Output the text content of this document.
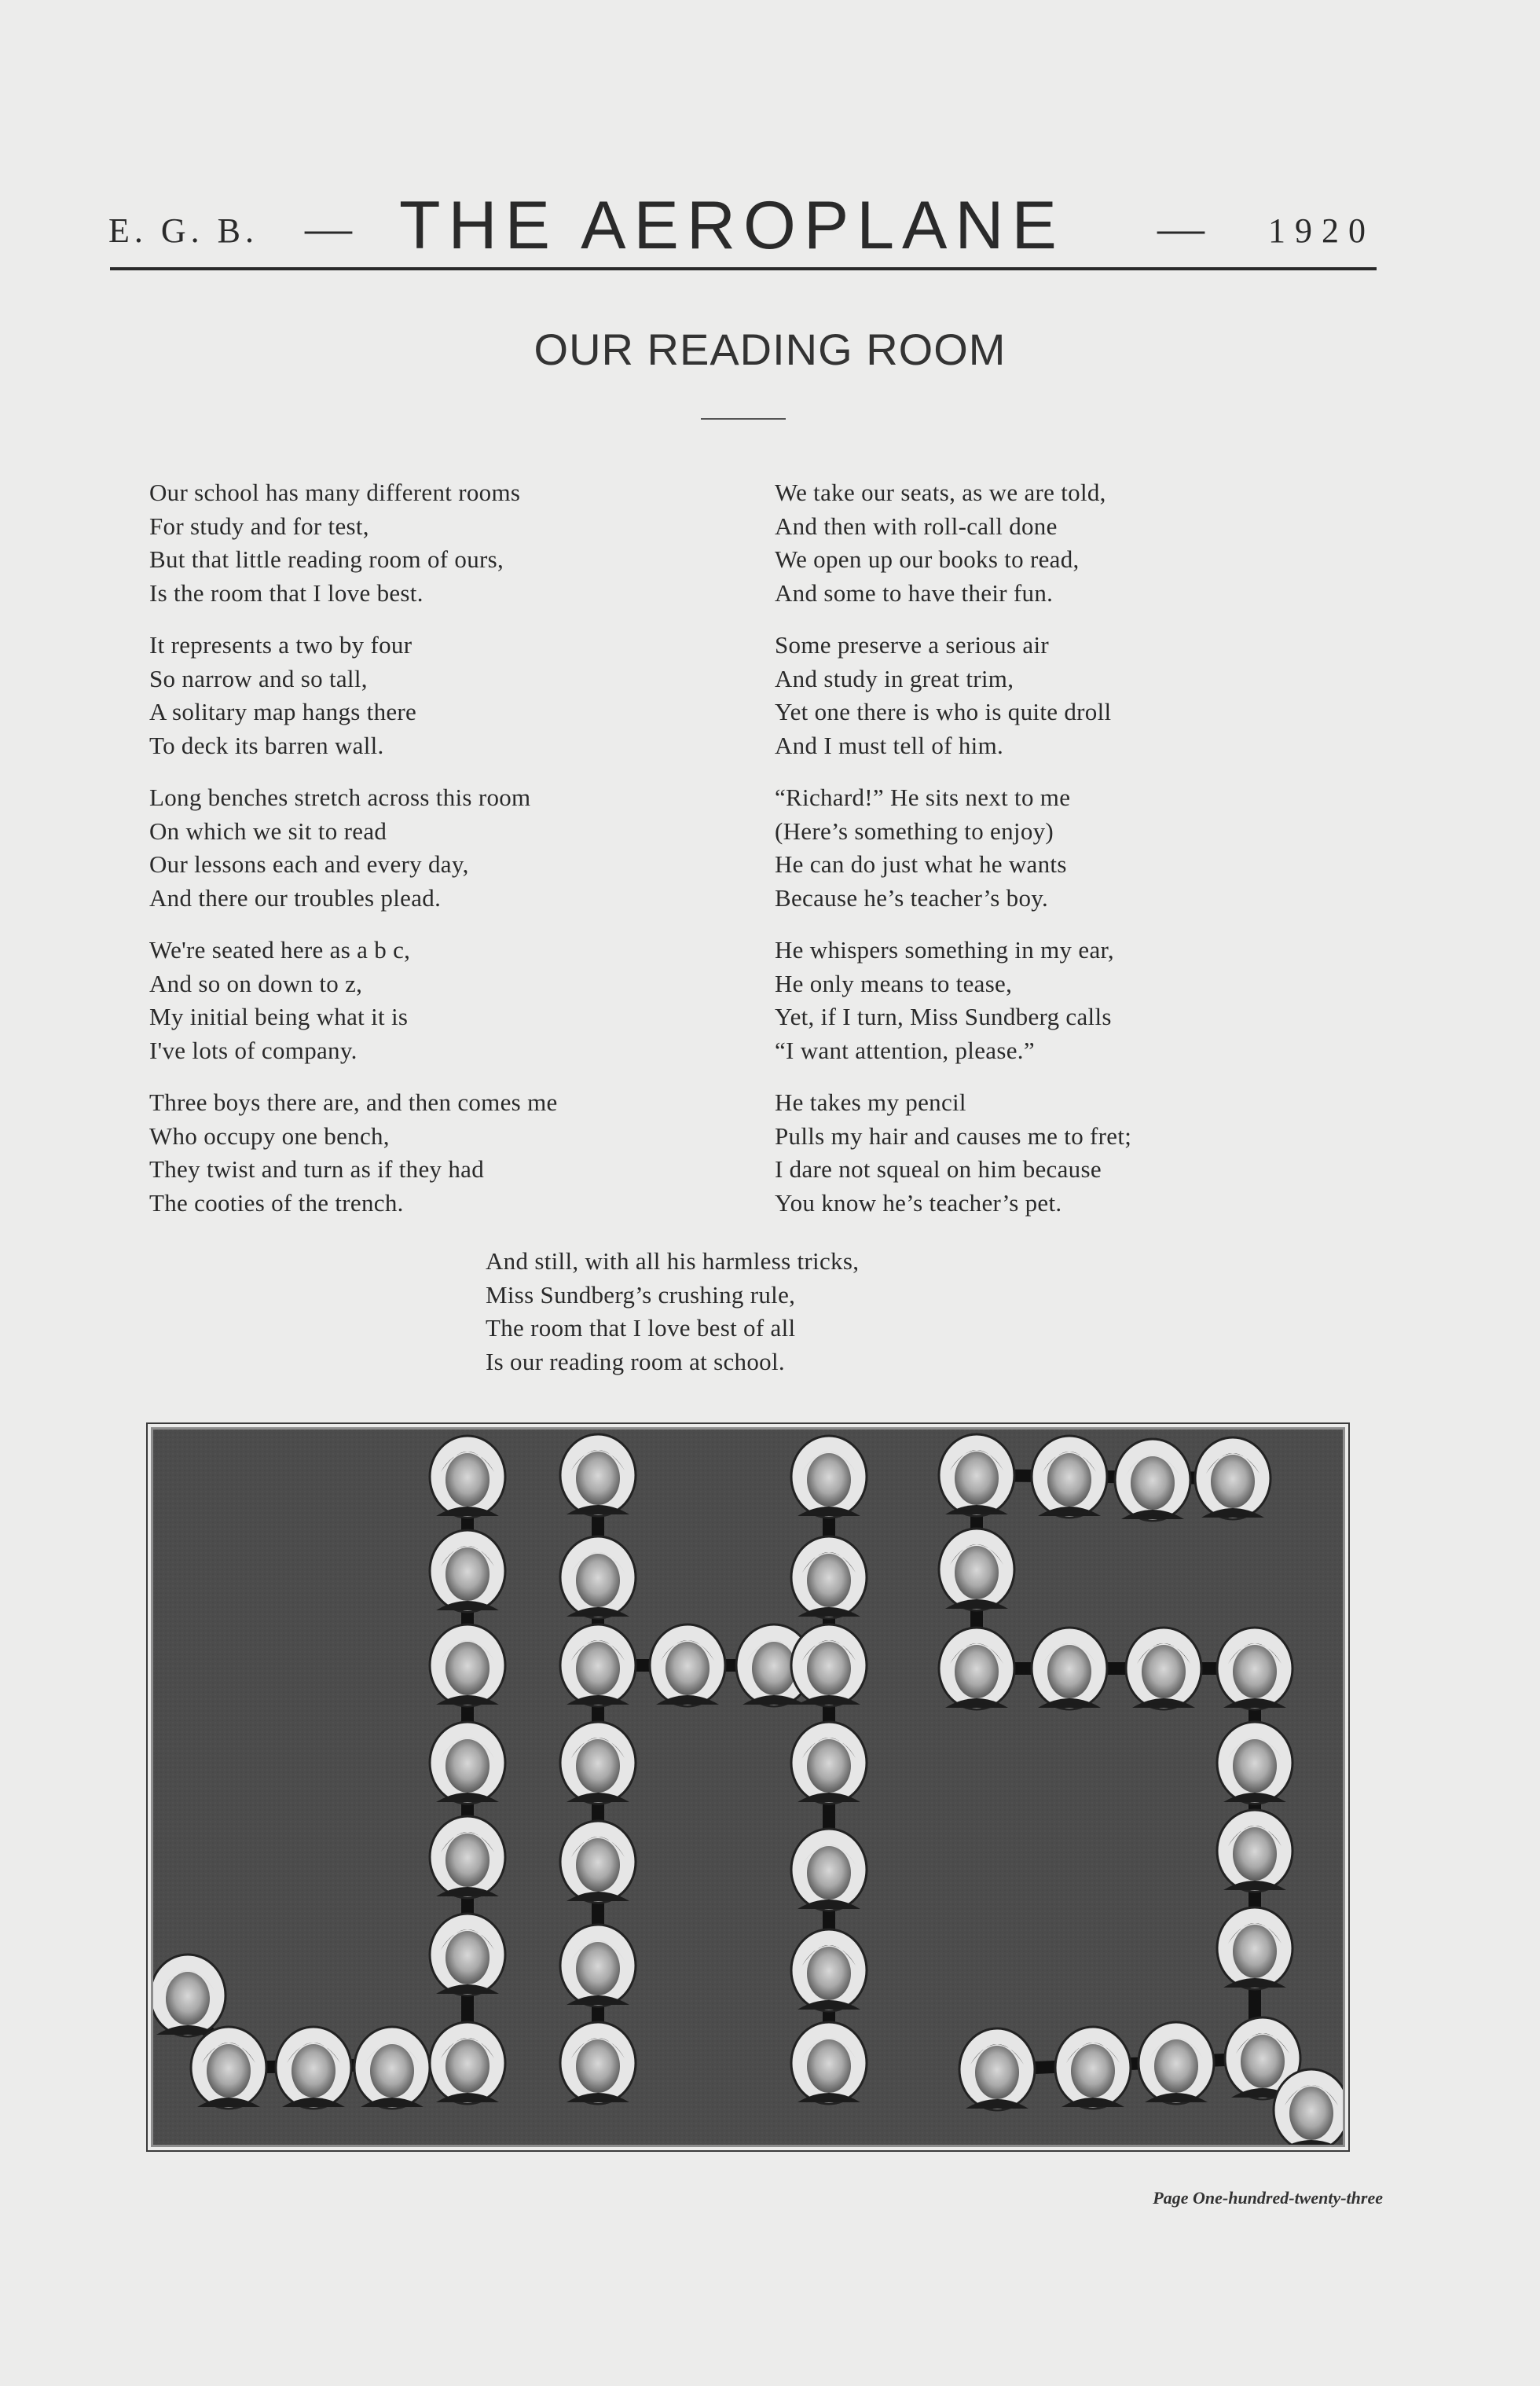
E. G. B. — THE AEROPLANE — 1920
OUR READING ROOM
Our school has many different rooms
For study and for test,
But that little reading room of ours,
Is the room that I love best.
It represents a two by four
So narrow and so tall,
A solitary map hangs there
To deck its barren wall.
Long benches stretch across this room
On which we sit to read
Our lessons each and every day,
And there our troubles plead.
We're seated here as a b c,
And so on down to z,
My initial being what it is
I've lots of company.
Three boys there are, and then comes me
Who occupy one bench,
They twist and turn as if they had
The cooties of the trench.
We take our seats, as we are told,
And then with roll-call done
We open up our books to read,
And some to have their fun.
Some preserve a serious air
And study in great trim,
Yet one there is who is quite droll
And I must tell of him.
“Richard!” He sits next to me
(Here’s something to enjoy)
He can do just what he wants
Because he’s teacher’s boy.
He whispers something in my ear,
He only means to tease,
Yet, if I turn, Miss Sundberg calls
“I want attention, please.”
He takes my pencil
Pulls my hair and causes me to fret;
I dare not squeal on him because
You know he’s teacher’s pet.
And still, with all his harmless tricks,
Miss Sundberg’s crushing rule,
The room that I love best of all
Is our reading room at school.
Page One-hundred-twenty-three
